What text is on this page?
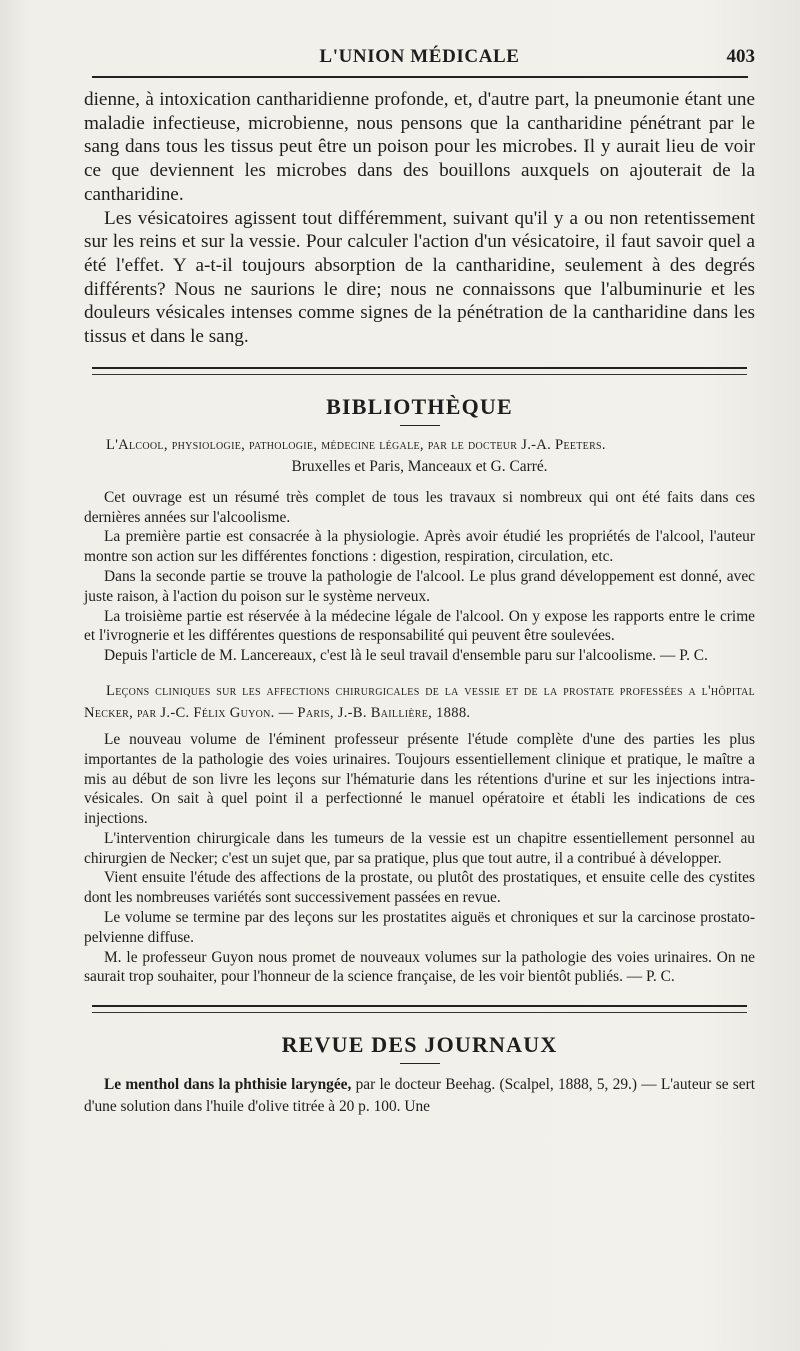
L'UNION MÉDICALE	403

dienne, à intoxication cantharidienne profonde, et, d'autre part, la pneumonie étant une maladie infectieuse, microbienne, nous pensons que la cantharidine pénétrant par le sang dans tous les tissus peut être un poison pour les microbes. Il y aurait lieu de voir ce que deviennent les microbes dans des bouillons auxquels on ajouterait de la cantharidine.

Les vésicatoires agissent tout différemment, suivant qu'il y a ou non retentissement sur les reins et sur la vessie. Pour calculer l'action d'un vésicatoire, il faut savoir quel a été l'effet. Y a-t-il toujours absorption de la cantharidine, seulement à des degrés différents? Nous ne saurions le dire; nous ne connaissons que l'albuminurie et les douleurs vésicales intenses comme signes de la pénétration de la cantharidine dans les tissus et dans le sang.

BIBLIOTHÈQUE
L'Alcool, physiologie, pathologie, médecine légale, par le docteur J.-A. Peeters.
Bruxelles et Paris, Manceaux et G. Carré.

Cet ouvrage est un résumé très complet de tous les travaux si nombreux qui ont été faits dans ces dernières années sur l'alcoolisme.

La première partie est consacrée à la physiologie. Après avoir étudié les propriétés de l'alcool, l'auteur montre son action sur les différentes fonctions : digestion, respiration, circulation, etc.

Dans la seconde partie se trouve la pathologie de l'alcool. Le plus grand développement est donné, avec juste raison, à l'action du poison sur le système nerveux.

La troisième partie est réservée à la médecine légale de l'alcool. On y expose les rapports entre le crime et l'ivrognerie et les différentes questions de responsabilité qui peuvent être soulevées.

Depuis l'article de M. Lancereaux, c'est là le seul travail d'ensemble paru sur l'alcoolisme. — P. C.

Leçons cliniques sur les affections chirurgicales de la vessie et de la prostate professées a l'hôpital Necker, par J.-C. Félix Guyon. — Paris, J.-B. Baillière, 1888.

Le nouveau volume de l'éminent professeur présente l'étude complète d'une des parties les plus importantes de la pathologie des voies urinaires. Toujours essentiellement clinique et pratique, le maître a mis au début de son livre les leçons sur l'hématurie dans les rétentions d'urine et sur les injections intra-vésicales. On sait à quel point il a perfectionné le manuel opératoire et établi les indications de ces injections.

L'intervention chirurgicale dans les tumeurs de la vessie est un chapitre essentiellement personnel au chirurgien de Necker; c'est un sujet que, par sa pratique, plus que tout autre, il a contribué à développer.

Vient ensuite l'étude des affections de la prostate, ou plutôt des prostatiques, et ensuite celle des cystites dont les nombreuses variétés sont successivement passées en revue.

Le volume se termine par des leçons sur les prostatites aiguës et chroniques et sur la carcinose prostato-pelvienne diffuse.

M. le professeur Guyon nous promet de nouveaux volumes sur la pathologie des voies urinaires. On ne saurait trop souhaiter, pour l'honneur de la science française, de les voir bientôt publiés. — P. C.

REVUE DES JOURNAUX

Le menthol dans la phthisie laryngée, par le docteur Beehag. (Scalpel, 1888, 5, 29.) — L'auteur se sert d'une solution dans l'huile d'olive titrée à 20 p. 100. Une
